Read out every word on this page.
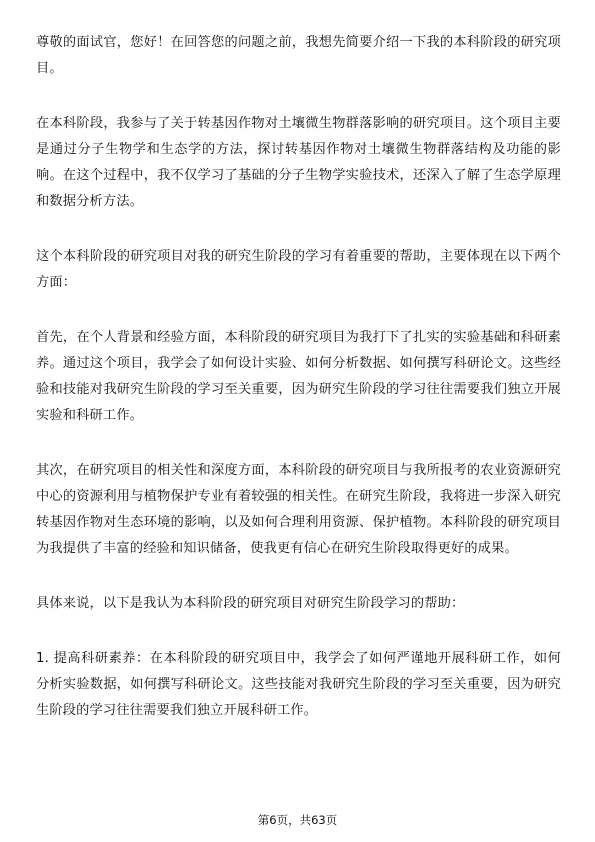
尊敬的面试官，您好！在回答您的问题之前，我想先简要介绍一下我的本科阶段的研究项目。

在本科阶段，我参与了关于转基因作物对土壤微生物群落影响的研究项目。这个项目主要是通过分子生物学和生态学的方法，探讨转基因作物对土壤微生物群落结构及功能的影响。在这个过程中，我不仅学习了基础的分子生物学实验技术，还深入了解了生态学原理和数据分析方法。

这个本科阶段的研究项目对我的研究生阶段的学习有着重要的帮助，主要体现在以下两个方面：

首先，在个人背景和经验方面，本科阶段的研究项目为我打下了扎实的实验基础和科研素养。通过这个项目，我学会了如何设计实验、如何分析数据、如何撰写科研论文。这些经验和技能对我研究生阶段的学习至关重要，因为研究生阶段的学习往往需要我们独立开展实验和科研工作。

其次，在研究项目的相关性和深度方面，本科阶段的研究项目与我所报考的农业资源研究中心的资源利用与植物保护专业有着较强的相关性。在研究生阶段，我将进一步深入研究转基因作物对生态环境的影响，以及如何合理利用资源、保护植物。本科阶段的研究项目为我提供了丰富的经验和知识储备，使我更有信心在研究生阶段取得更好的成果。

具体来说，以下是我认为本科阶段的研究项目对研究生阶段学习的帮助：

1. 提高科研素养：在本科阶段的研究项目中，我学会了如何严谨地开展科研工作，如何分析实验数据，如何撰写科研论文。这些技能对我研究生阶段的学习至关重要，因为研究生阶段的学习往往需要我们独立开展科研工作。

第6页，共63页
